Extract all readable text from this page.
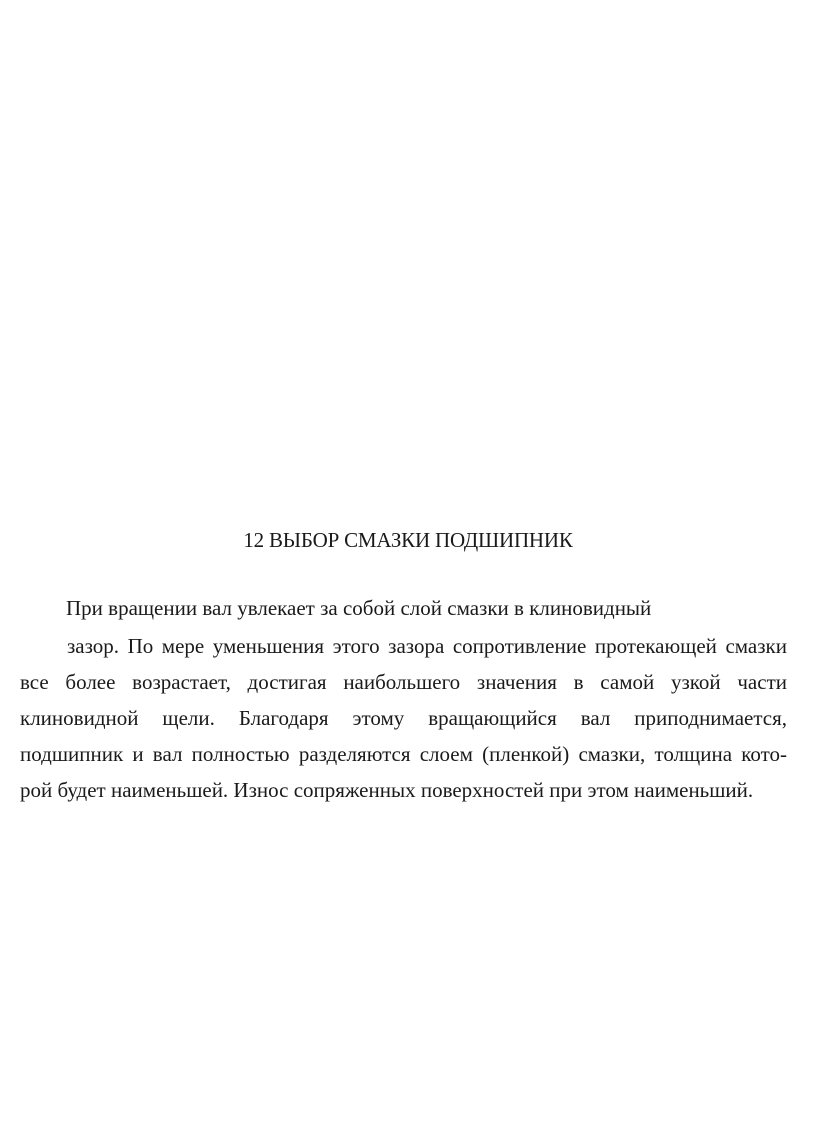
12 ВЫБОР СМАЗКИ ПОДШИПНИК

При вращении вал увлекает за собой слой смазки в клиновидный

зазор. По мере уменьшения этого зазора сопротивление протекающей смазки
все более возрастает, достигая наибольшего значения в самой узкой части
клиновидной щели. Благодаря этому вращающийся вал приподнимается,
подшипник и вал полностью разделяются слоем (пленкой) смазки, толщина кото-
рой будет наименьшей. Износ сопряженных поверхностей при этом наименьший.
